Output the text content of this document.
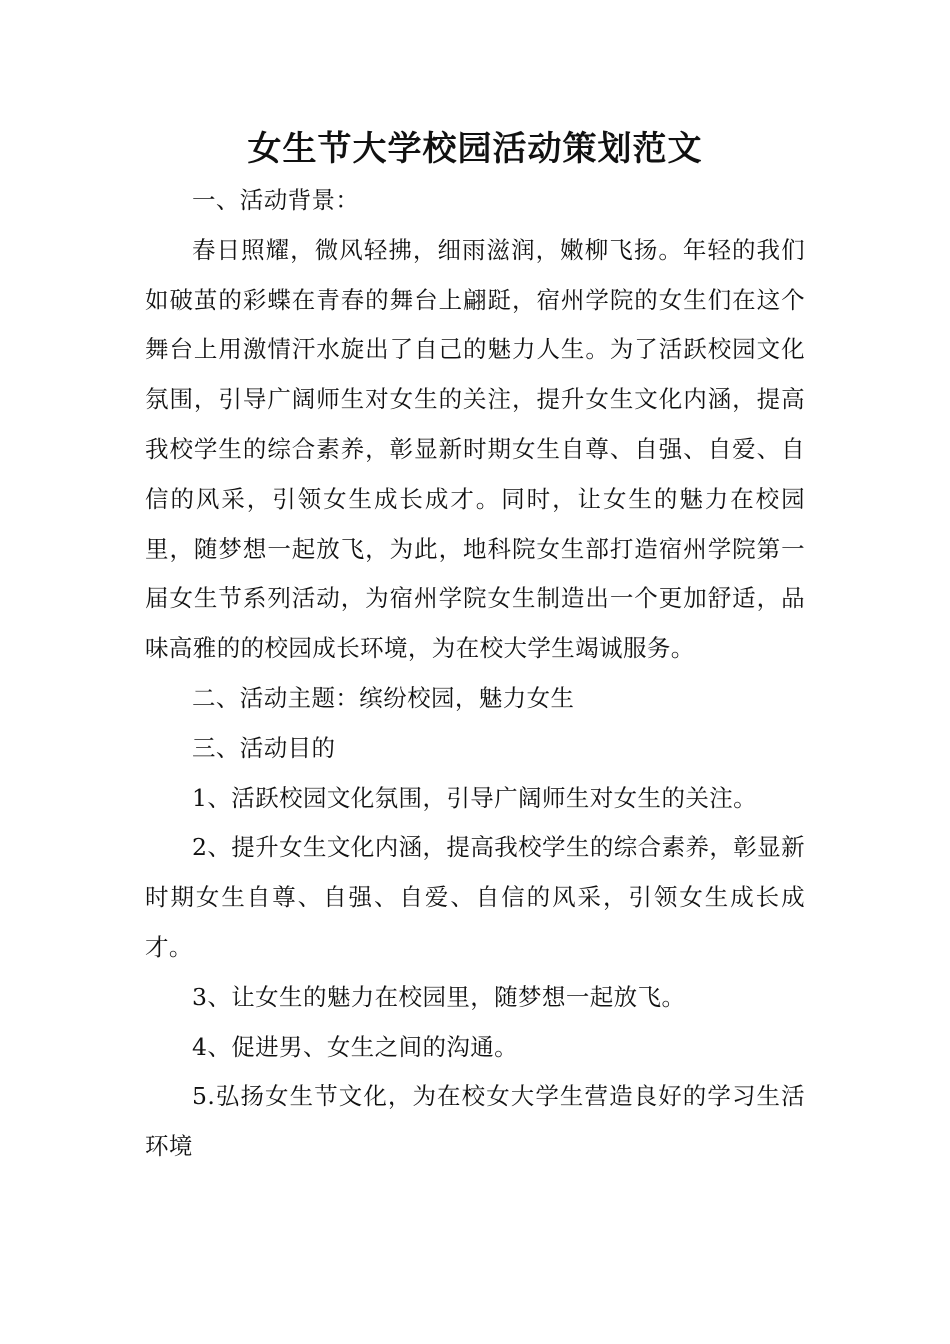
女生节大学校园活动策划范文

一、活动背景：

春日照耀，微风轻拂，细雨滋润，嫩柳飞扬。年轻的我们如破茧的彩蝶在青春的舞台上翩跹，宿州学院的女生们在这个舞台上用激情汗水旋出了自己的魅力人生。为了活跃校园文化氛围，引导广阔师生对女生的关注，提升女生文化内涵，提高我校学生的综合素养，彰显新时期女生自尊、自强、自爱、自信的风采，引领女生成长成才。同时，让女生的魅力在校园里，随梦想一起放飞，为此，地科院女生部打造宿州学院第一届女生节系列活动，为宿州学院女生制造出一个更加舒适，品味高雅的的校园成长环境，为在校大学生竭诚服务。

二、活动主题：缤纷校园，魅力女生

三、活动目的

1、活跃校园文化氛围，引导广阔师生对女生的关注。

2、提升女生文化内涵，提高我校学生的综合素养，彰显新时期女生自尊、自强、自爱、自信的风采，引领女生成长成才。

3、让女生的魅力在校园里，随梦想一起放飞。

4、促进男、女生之间的沟通。

5.弘扬女生节文化，为在校女大学生营造良好的学习生活环境
